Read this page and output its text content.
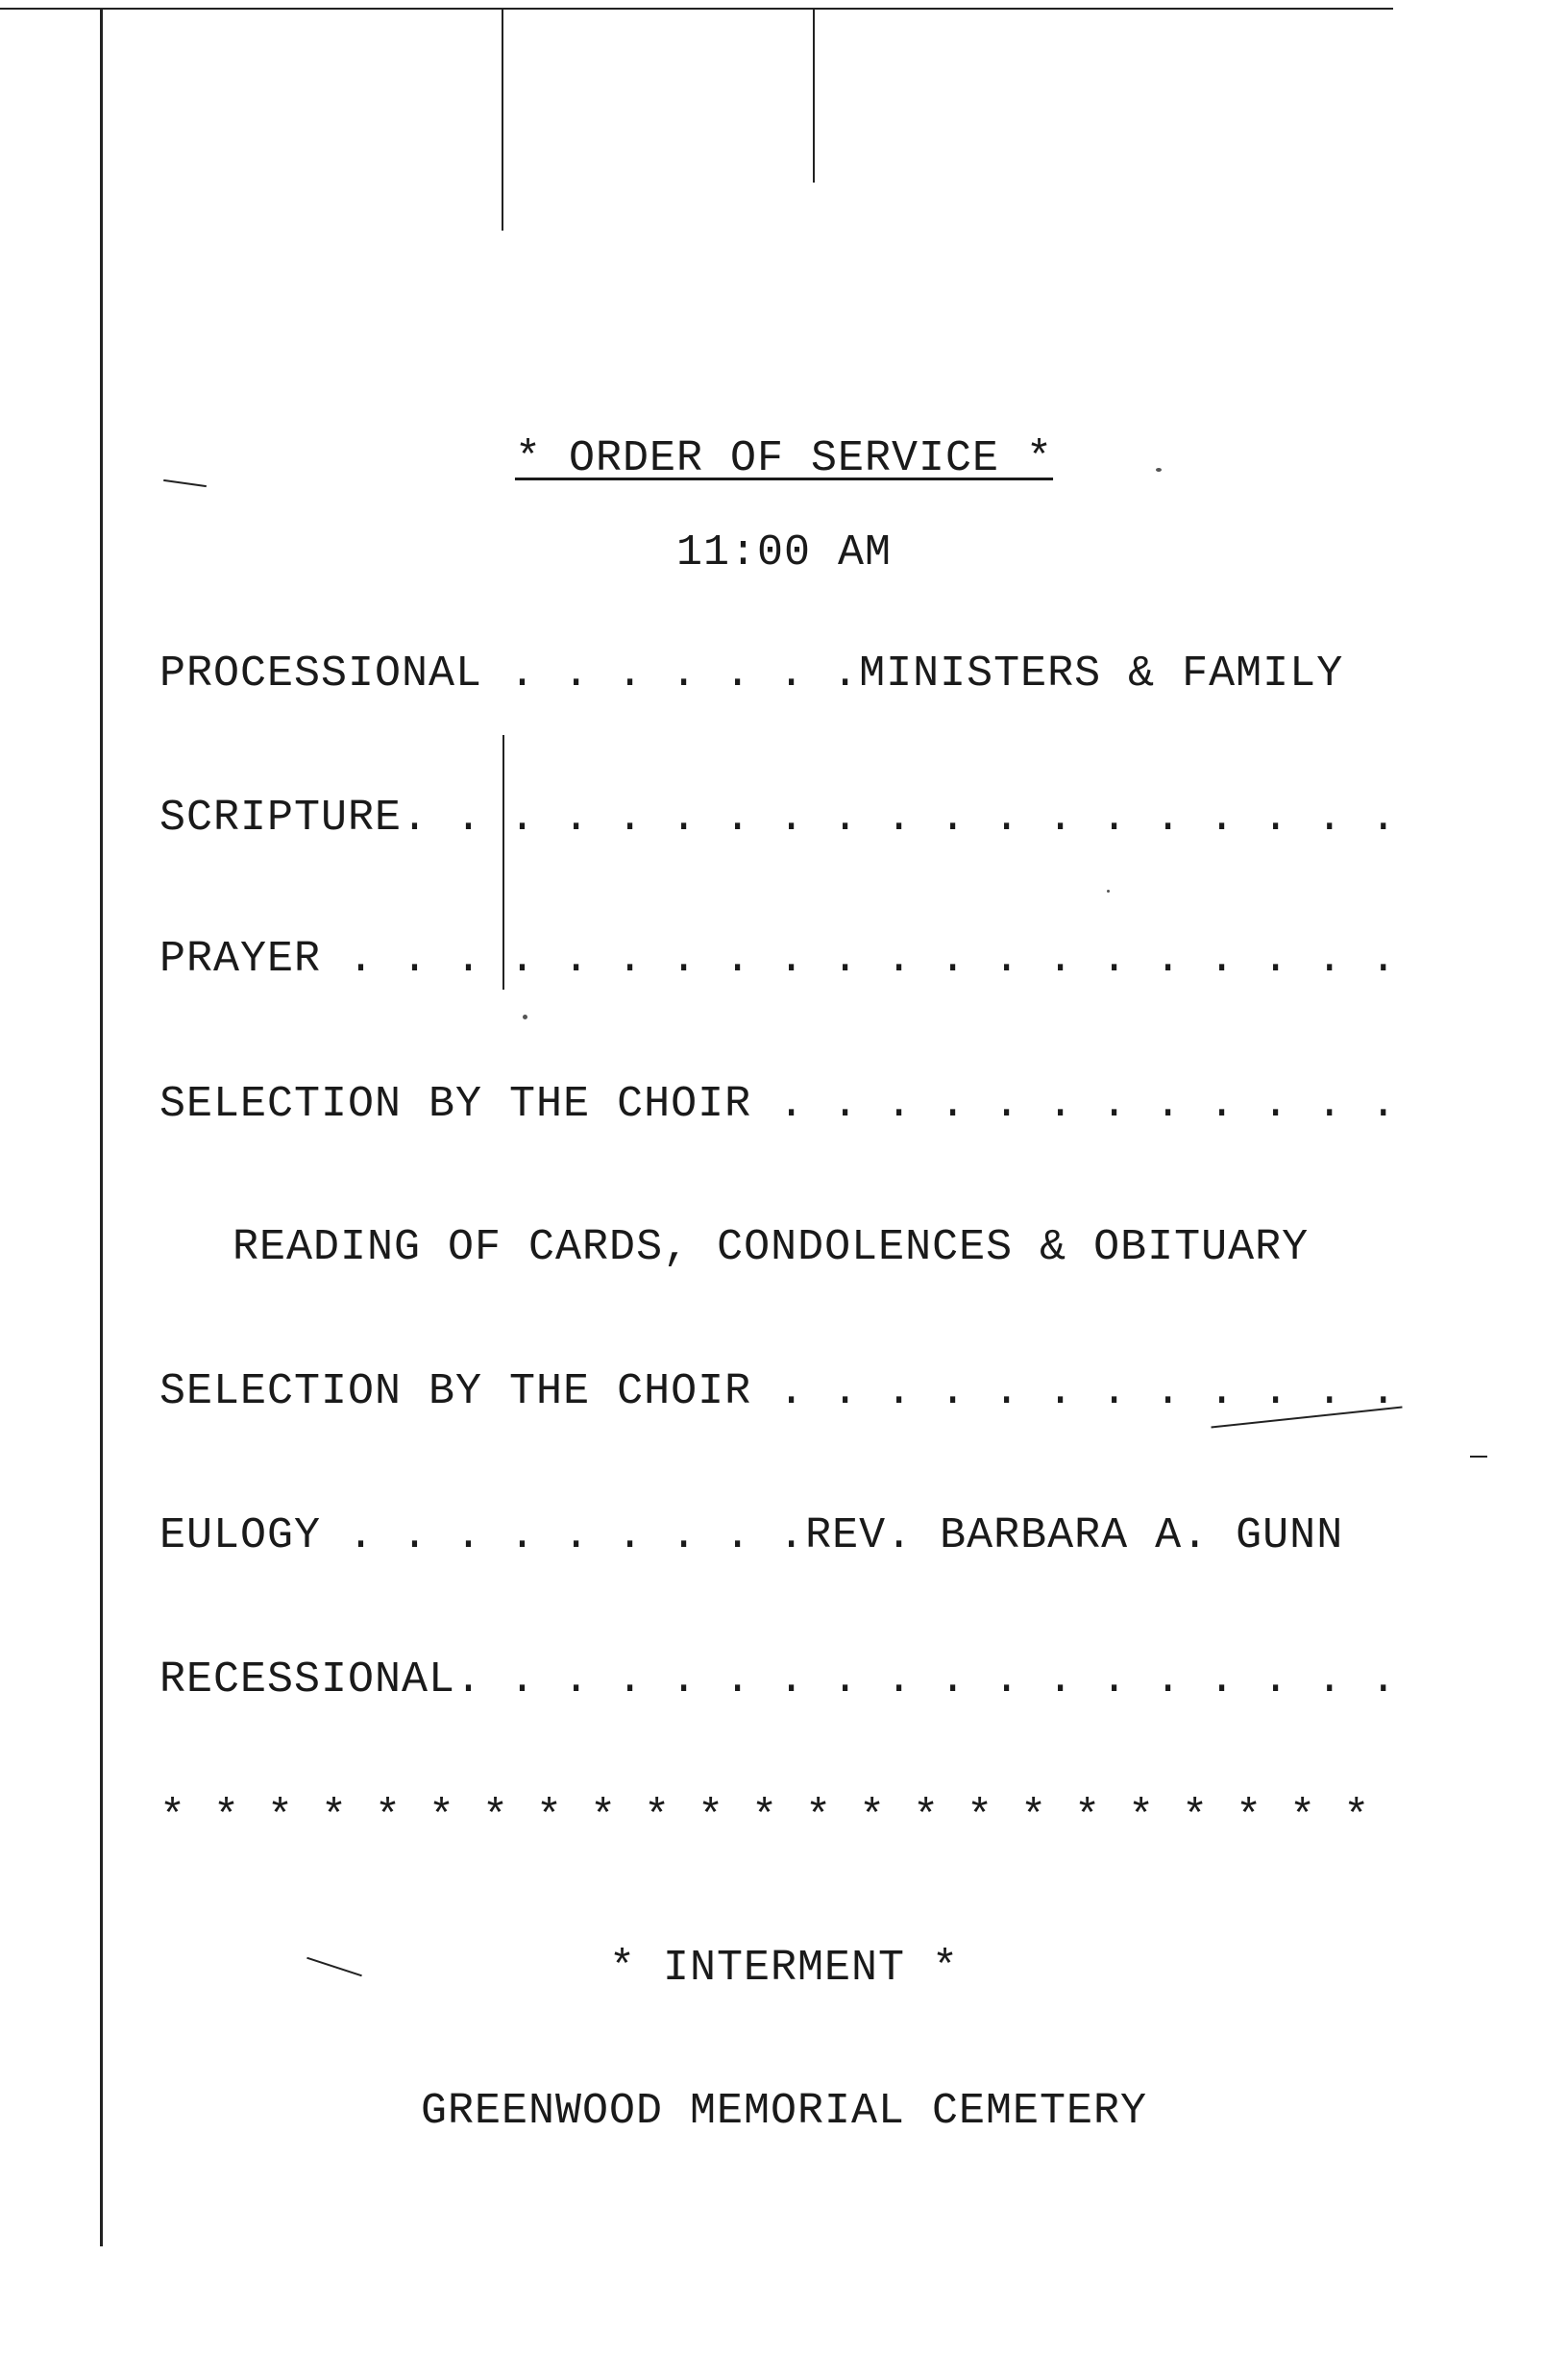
* ORDER OF SERVICE *
11:00 AM
PROCESSIONAL . . . . . . .MINISTERS & FAMILY
SCRIPTURE. . . . . . . . . . . . . . . . . . .
PRAYER . . . . . . . . . . . . . . . . . . . .
SELECTION BY THE CHOIR . . . . . . . . . . . .
READING OF CARDS, CONDOLENCES & OBITUARY
SELECTION BY THE CHOIR . . . . . . . . . . . .
EULOGY . . . . . . . . .REV. BARBARA A. GUNN
RECESSIONAL. . . . . . . . . . . . . . . . . .
* * * * * * * * * * * * * * * * * * * * * * *
* INTERMENT *
GREENWOOD MEMORIAL CEMETERY
